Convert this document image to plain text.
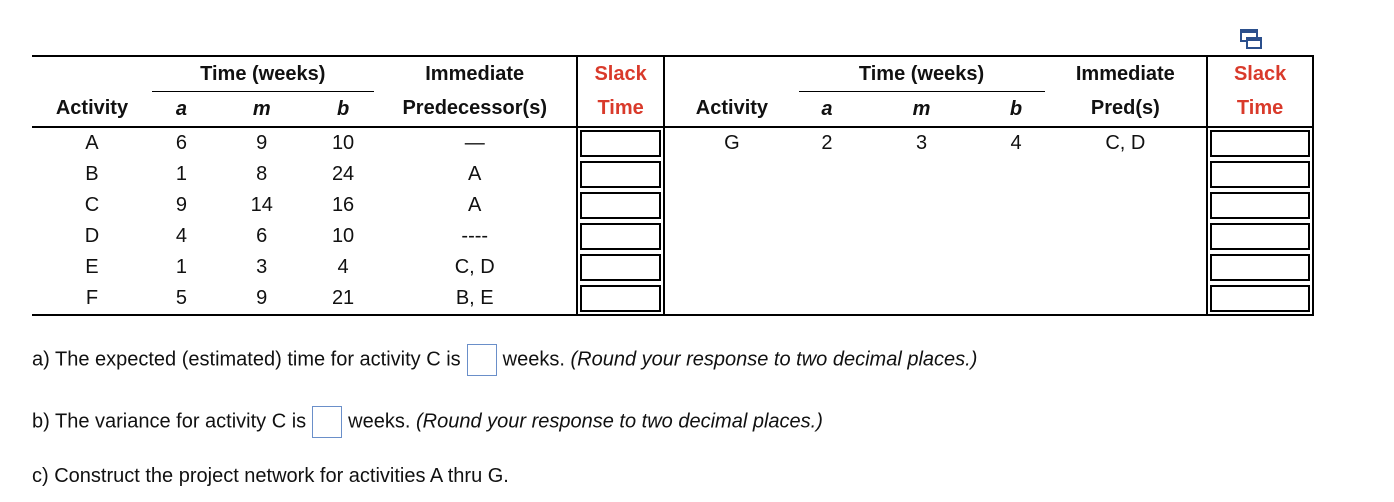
	Time (weeks)			Immediate	Slack		Time (weeks)			Immediate	Slack
Activity	a	m	b	Predecessor(s)	Time	Activity	a	m	b	Pred(s)	Time
A	6	9	10	—		G	2	3	4	C, D	

B	1	8	24	A	

C	9	14	16	A	

D	4	6	10	----	

E	1	3	4	C, D	

F	5	9	21	B, E	

a) The expected (estimated) time for activity C is weeks. (Round your response to two decimal places.)
b) The variance for activity C is weeks. (Round your response to two decimal places.)
c) Construct the project network for activities A thru G.
